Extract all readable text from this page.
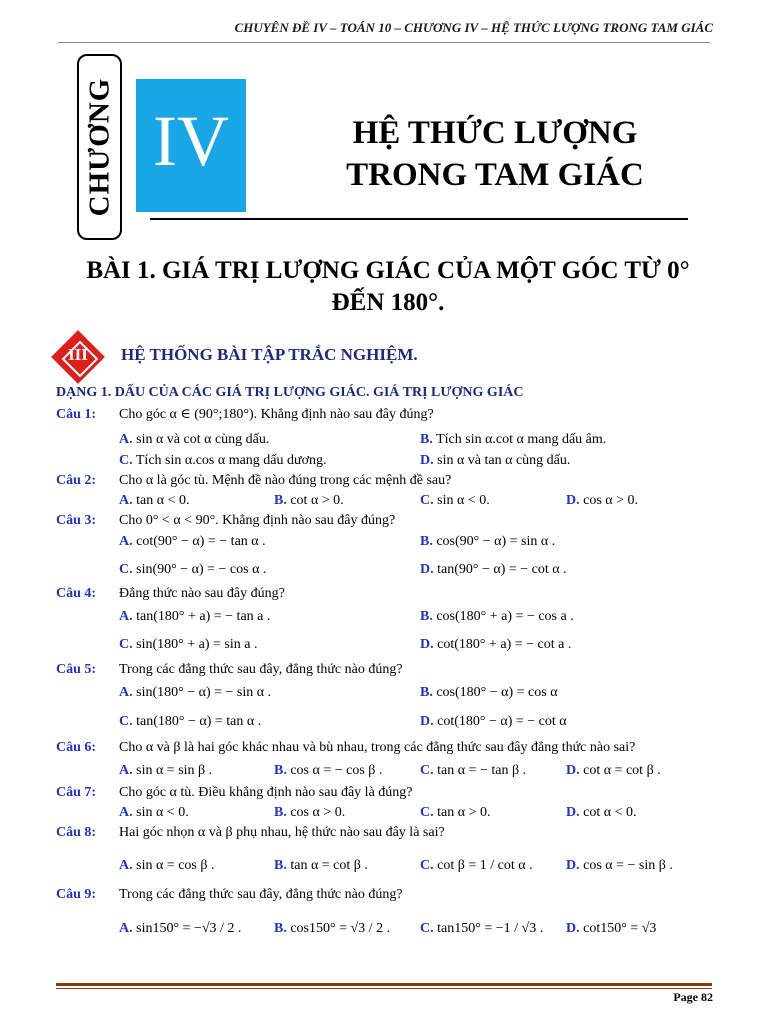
CHUYÊN ĐỀ IV – TOÁN 10 – CHƯƠNG IV – HỆ THỨC LƯỢNG TRONG TAM GIÁC
CHƯƠNG IV	HỆ THỨC LƯỢNG
TRONG TAM GIÁC
BÀI 1. GIÁ TRỊ LƯỢNG GIÁC CỦA MỘT GÓC TỪ 0°
ĐẾN 180°.
III	HỆ THỐNG BÀI TẬP TRẮC NGHIỆM.
DẠNG 1. DẤU CỦA CÁC GIÁ TRỊ LƯỢNG GIÁC. GIÁ TRỊ LƯỢNG GIÁC
Câu 1:	Cho góc α ∈ (90°;180°). Khẳng định nào sau đây đúng?
A. sin α và cot α cùng dấu.	B. Tích sin α.cot α mang dấu âm.
C. Tích sin α.cos α mang dấu dương.	D. sin α và tan α cùng dấu.
Câu 2:	Cho α là góc tù. Mệnh đề nào đúng trong các mệnh đề sau?
A. tan α < 0.	B. cot α > 0.	C. sin α < 0.	D. cos α > 0.
Câu 3:	Cho 0° < α < 90°. Khẳng định nào sau đây đúng?
A. cot(90° − α) = − tan α .	B. cos(90° − α) = sin α .
C. sin(90° − α) = − cos α .	D. tan(90° − α) = − cot α .
Câu 4:	Đẳng thức nào sau đây đúng?
A. tan(180° + a) = − tan a .	B. cos(180° + a) = − cos a .
C. sin(180° + a) = sin a .	D. cot(180° + a) = − cot a .
Câu 5:	Trong các đẳng thức sau đây, đẳng thức nào đúng?
A. sin(180° − α) = − sin α .	B. cos(180° − α) = cos α
C. tan(180° − α) = tan α .	D. cot(180° − α) = − cot α
Câu 6:	Cho α và β là hai góc khác nhau và bù nhau, trong các đẳng thức sau đây đẳng thức nào sai?
A. sin α = sin β .	B. cos α = − cos β .	C. tan α = − tan β .	D. cot α = cot β .
Câu 7:	Cho góc α tù. Điều khẳng định nào sau đây là đúng?
A. sin α < 0.	B. cos α > 0.	C. tan α > 0.	D. cot α < 0.
Câu 8:	Hai góc nhọn α và β phụ nhau, hệ thức nào sau đây là sai?
A. sin α = cos β .	B. tan α = cot β .	C. cot β = 1 / cot α . D. cos α = − sin β .
Câu 9:	Trong các đẳng thức sau đây, đẳng thức nào đúng?
A. sin150° = −√3 / 2 . B. cos150° = √3 / 2 . C. tan150° = −1 / √3 . D. cot150° = √3
Page 82
